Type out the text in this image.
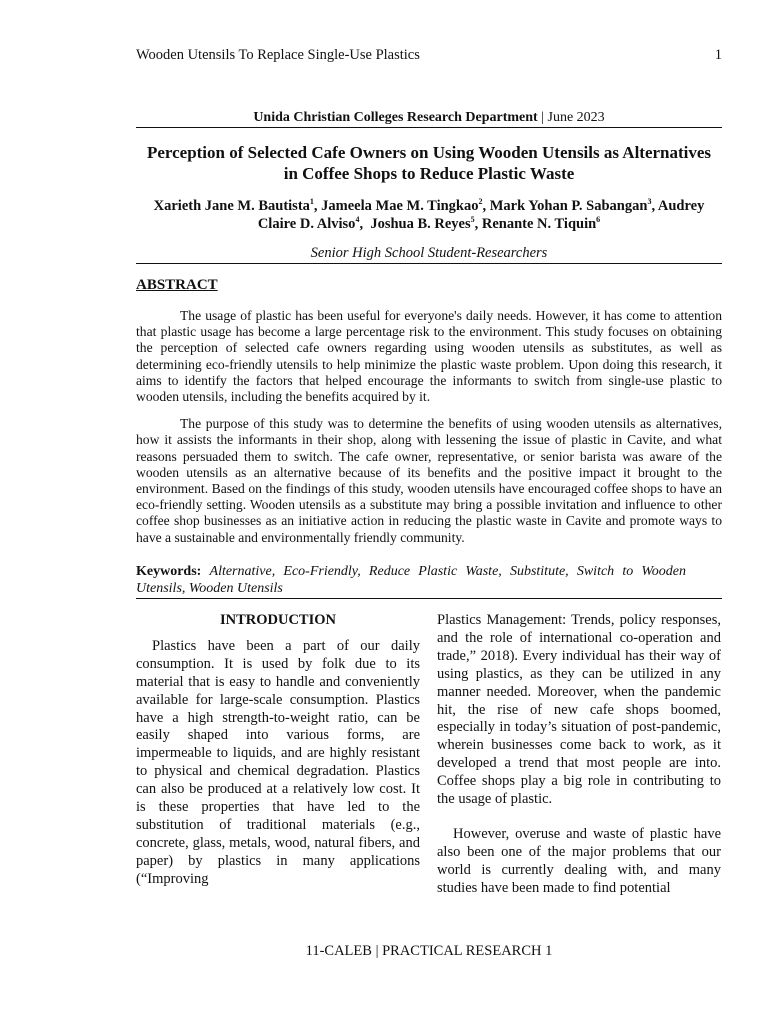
Wooden Utensils To Replace Single-Use Plastics	1
Unida Christian Colleges Research Department | June 2023
Perception of Selected Cafe Owners on Using Wooden Utensils as Alternatives
in Coffee Shops to Reduce Plastic Waste
Xarieth Jane M. Bautista$^1$, Jameela Mae M. Tingkao$^2$, Mark Yohan P. Sabangan$^3$, Audrey Claire D. Alviso$^4$,  Joshua B. Reyes$^5$, Renante N. Tiquin$^6$
Senior High School Student-Researchers
ABSTRACT

The usage of plastic has been useful for everyone's daily needs. However, it has come to attention that plastic usage has become a large percentage risk to the environment. This study focuses on obtaining the perception of selected cafe owners regarding using wooden utensils as substitutes, as well as determining eco-friendly utensils to help minimize the plastic waste problem. Upon doing this research, it aims to identify the factors that helped encourage the informants to switch from single-use plastic to wooden utensils, including the benefits acquired by it.

The purpose of this study was to determine the benefits of using wooden utensils as alternatives, how it assists the informants in their shop, along with lessening the issue of plastic in Cavite, and what reasons persuaded them to switch. The cafe owner, representative, or senior barista was aware of the wooden utensils as an alternative because of its benefits and the positive impact it brought to the environment. Based on the findings of this study, wooden utensils have encouraged coffee shops to have an eco-friendly setting. Wooden utensils as a substitute may bring a possible invitation and influence to other coffee shop businesses as an initiative action in reducing the plastic waste in Cavite and promote ways to have a sustainable and environmentally friendly community.

Keywords: Alternative, Eco-Friendly, Reduce Plastic Waste, Substitute, Switch to Wooden Utensils, Wooden Utensils
INTRODUCTION

Plastics have been a part of our daily consumption. It is used by folk due to its material that is easy to handle and conveniently available for large-scale consumption. Plastics have a high strength-to-weight ratio, can be easily shaped into various forms, are impermeable to liquids, and are highly resistant to physical and chemical degradation. Plastics can also be produced at a relatively low cost. It is these properties that have led to the substitution of traditional materials (e.g., concrete, glass, metals, wood, natural fibers, and paper) by plastics in many applications (“Improving

Plastics Management: Trends, policy responses, and the role of international co-operation and trade,” 2018). Every individual has their way of using plastics, as they can be utilized in any manner needed. Moreover, when the pandemic hit, the rise of new cafe shops boomed, especially in today’s situation of post-pandemic, wherein businesses come back to work, as it developed a trend that most people are into. Coffee shops play a big role in contributing to the usage of plastic.

However, overuse and waste of plastic have also been one of the major problems that our world is currently dealing with, and many studies have been made to find potential

11-CALEB | PRACTICAL RESEARCH 1
